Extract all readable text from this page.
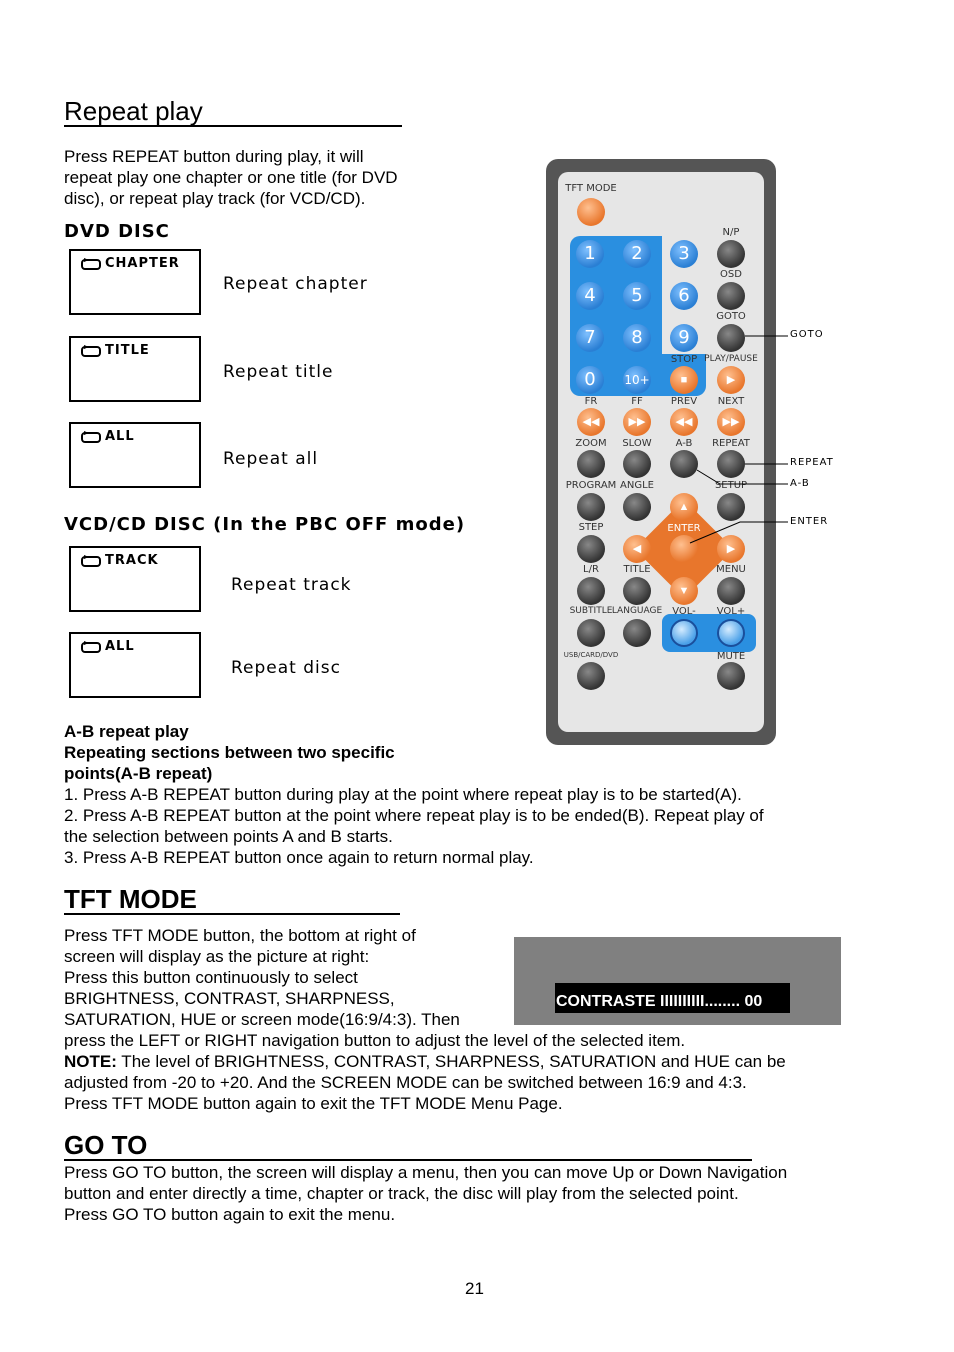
Repeat play
Press REPEAT button during play, it will
repeat play one chapter or one title (for DVD
disc), or repeat play track (for VCD/CD).
DVD DISC
CHAPTER
Repeat chapter
TITLE
Repeat title
ALL
Repeat all
VCD/CD DISC (In the PBC OFF mode)
TRACK
Repeat track
ALL
Repeat disc
TFT MODE
N/P
OSD
GOTO
1	2	3
4	5	6
7	8	9
0	10+
STOP
■
PLAY/PAUSE
▶
FR
◀◀
FF
▶▶
PREV
◀◀
NEXT
▶▶
ZOOM SLOW A-B REPEAT
PROGRAM ANGLE	SETUP
▲
◀	▶
▼
ENTER
STEP
L/R TITLE	MENU
SUBTITLE LANGUAGE VOL- VOL+
USB/CARD/DVD	MUTE
GOTO
REPEAT
A-B
ENTER
A-B repeat play
Repeating sections between two specific
points(A-B repeat)
1. Press A-B REPEAT button during play at the point where repeat play is to be started(A).
2. Press A-B REPEAT button at the point where repeat play is to be ended(B). Repeat play of
the selection between points A and B starts.
3. Press A-B REPEAT button once again to return normal play.
TFT MODE
Press TFT MODE button, the bottom at right of
screen will display as the picture at right:
Press this button continuously to select
BRIGHTNESS, CONTRAST, SHARPNESS,
SATURATION, HUE or screen mode(16:9/4:3). Then
press the LEFT or RIGHT navigation button to adjust the level of the selected item.
NOTE: The level of BRIGHTNESS, CONTRAST, SHARPNESS, SATURATION and HUE can be
adjusted from -20 to +20. And the SCREEN MODE can be switched between 16:9 and 4:3.
Press TFT MODE button again to exit the TFT MODE Menu Page.
CONTRASTE IIIIIIIIII........ 00
GO TO
Press GO TO button, the screen will display a menu, then you can move Up or Down Navigation
button and enter directly a time, chapter or track, the disc will play from the selected point.
Press GO TO button again to exit the menu.
21
